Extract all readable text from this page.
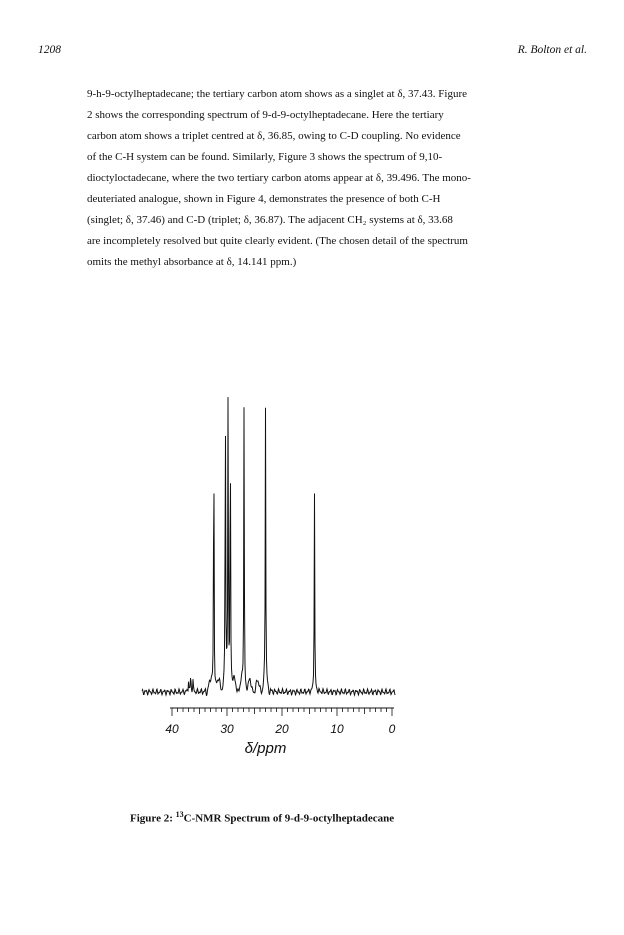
1208	R. Bolton et al.

9-h-9-octylheptadecane; the tertiary carbon atom shows as a singlet at δ, 37.43. Figure

2 shows the corresponding spectrum of 9-d-9-octylheptadecane. Here the tertiary

carbon atom shows a triplet centred at δ, 36.85, owing to C-D coupling. No evidence

of the C-H system can be found. Similarly, Figure 3 shows the spectrum of 9,10-

dioctyloctadecane, where the two tertiary carbon atoms appear at δ, 39.496. The mono-

deuteriated analogue, shown in Figure 4, demonstrates the presence of both C-H

(singlet; δ, 37.46) and C-D (triplet; δ, 36.87). The adjacent CH₂ systems at δ, 33.68

are incompletely resolved but quite clearly evident. (The chosen detail of the spectrum

omits the methyl absorbance at δ, 14.141 ppm.)

40	30	20	10	0
δ/ppm
Figure 2: $^{13}$C-NMR Spectrum of 9-d-9-octylheptadecane
